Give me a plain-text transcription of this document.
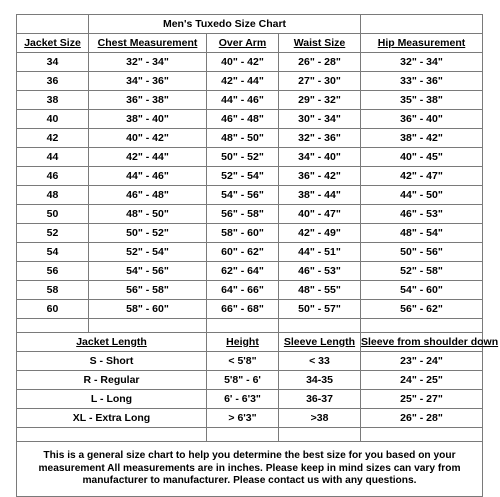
	Men's Tuxedo Size Chart			
Jacket Size	Chest Measurement	Over Arm	Waist Size	Hip Measurement
34	32" - 34"	40" - 42"	26" - 28"	32" - 34"
36	34" - 36"	42" - 44"	27" - 30"	33" - 36"
38	36" - 38"	44" - 46"	29" - 32"	35" - 38"
40	38" - 40"	46" - 48"	30" - 34"	36" - 40"
42	40" - 42"	48" - 50"	32" - 36"	38" - 42"
44	42" - 44"	50" - 52"	34" - 40"	40" - 45"
46	44" - 46"	52" - 54"	36" - 42"	42" - 47"
48	46" - 48"	54" - 56"	38" - 44"	44" - 50"
50	48" - 50"	56" - 58"	40" - 47"	46" - 53"
52	50" - 52"	58" - 60"	42" - 49"	48" - 54"
54	52" - 54"	60" - 62"	44" - 51"	50" - 56"
56	54" - 56"	62" - 64"	46" - 53"	52" - 58"
58	56" - 58"	64" - 66"	48" - 55"	54" - 60"
60	58" - 60"	66" - 68"	50" - 57"	56" - 62"

Jacket Length		Height	Sleeve Length	Sleeve from shoulder down
S - Short		< 5'8"	< 33	23" - 24"
R - Regular		5'8" - 6'	34-35	24" - 25"
L - Long		6' - 6'3"	36-37	25" - 27"
XL - Extra Long		> 6'3"	>38	26" - 28"

This is a general size chart to help you determine the best size for you based on your measurement All measurements are in inches. Please keep in mind sizes can vary from manufacturer to manufacturer. Please contact us with any questions.				
